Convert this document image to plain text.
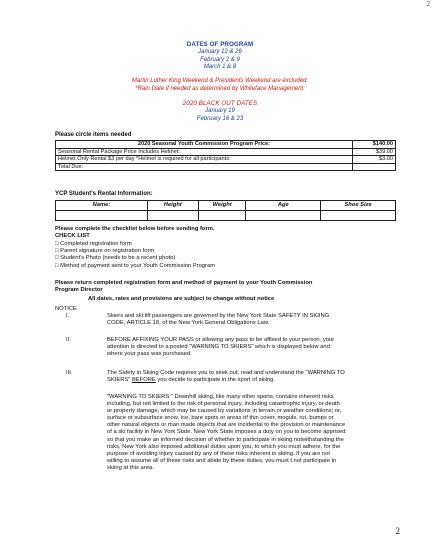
2
DATES OF PROGRAM
January 12 & 26
February 2 & 9
March 1 & 8
Martin Luther King Weekend & Presidents Weekend are excluded.
*Rain Date if needed as determined by Whiteface Management.
2020 BLACK OUT DATES
January 19
February 16 & 23
Please circle items needed
2020 Seasonal Youth Commission Program Price:	$140.00
Seasonal Rental Package Price Includes Helmet:	$39.00
Helmet Only Rental $3 per day *Helmet is required for all participants:	$3.00
Total Due:	
YCP Student's Rental Information:
Name:	Height	Weight	Age	Shoe Size

Please complete the checklist below before sending form.
CHECK LIST
□ Completed registration form
□ Parent signature on registration form
□ Student's Photo (needs to be a recent photo)
□ Method of payment sent to your Youth Commission Program
Please return completed registration form and method of payment to your Youth Commission
Program Director
All dates, rates and provisions are subject to change without notice
NOTICE
I.	Skiers and ski lift passengers are governed by the New York State SAFETY IN SKIING
CODE, ARTICLE 18, of the New York General Obligations Law.
II.	BEFORE AFFIXING YOUR PASS or allowing any pass to be affixed to your person, your
attention is directed to a posted "WARNING TO SKIERS" which is displayed below and
where your pass was purchased.
III.	The Safety in Skiing Code requires you to seek out, read and understand the "WARNING TO
SKIERS" BEFORE you decide to participate in the sport of skiing.
"WARNING TO SKIERS:" Downhill skiing, like many other sports, contains inherent risks
including, but not limited to the risk of personal injury, including catastrophic injury, or death
or property damage, which may be caused by variations in terrain or weather conditions; or,
surface or subsurface snow, ice, bare spots or areas of thin cover, moguls, rut, bumps or
other natural objects or man made objects that are incidental to the provision or maintenance
of a ski facility in New York State. New York State imposes a duty on you to become apprised
so that you make an informed decision of whether to participate in skiing notwithstanding the
risks, New York also imposed additional duties upon you, to which you must adhere, for the
purpose of avoiding injury caused by any of these risks inherent in skiing. If you are not
willing to assume all of these risks and abide by these duties, you must t not participate in
skiing at this area.
2
